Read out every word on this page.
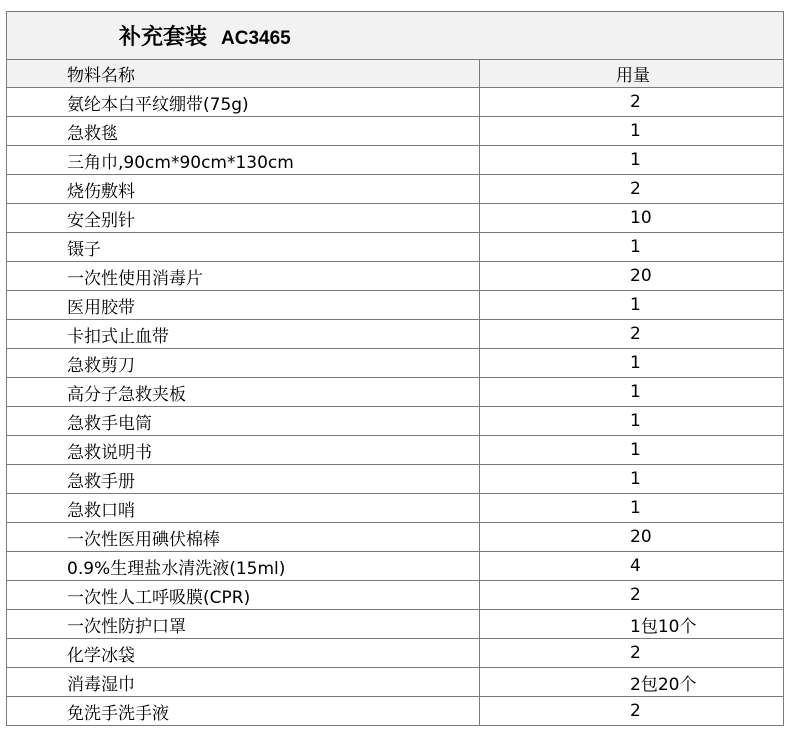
补充套装 AC3465	
物料名称	用量
氨纶本白平纹绷带(75g)	2
急救毯	1
三角巾,90cm*90cm*130cm	1
烧伤敷料	2
安全别针	10
镊子	1
一次性使用消毒片	20
医用胶带	1
卡扣式止血带	2
急救剪刀	1
高分子急救夹板	1
急救手电筒	1
急救说明书	1
急救手册	1
急救口哨	1
一次性医用碘伏棉棒	20
0.9%生理盐水清洗液(15ml)	4
一次性人工呼吸膜(CPR)	2
一次性防护口罩	1包10个
化学冰袋	2
消毒湿巾	2包20个
免洗手洗手液	2
